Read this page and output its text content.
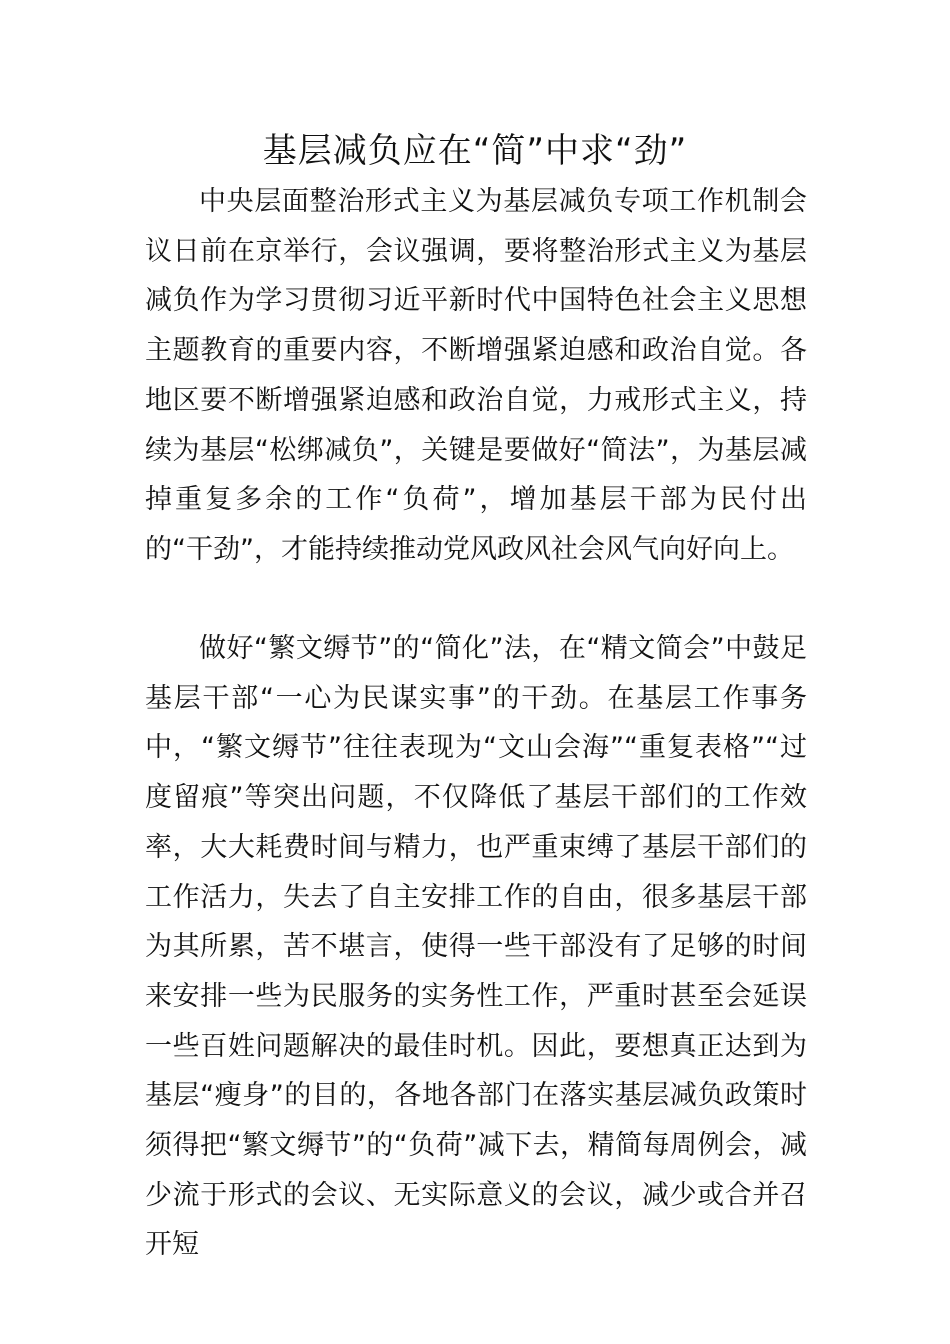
基层减负应在“简”中求“劲”

中央层面整治形式主义为基层减负专项工作机制会议日前在京举行，会议强调，要将整治形式主义为基层减负作为学习贯彻习近平新时代中国特色社会主义思想主题教育的重要内容，不断增强紧迫感和政治自觉。各地区要不断增强紧迫感和政治自觉，力戒形式主义，持续为基层“松绑减负”，关键是要做好“简法”，为基层减掉重复多余的工作“负荷”，增加基层干部为民付出的“干劲”，才能持续推动党风政风社会风气向好向上。

做好“繁文缛节”的“简化”法，在“精文简会”中鼓足基层干部“一心为民谋实事”的干劲。在基层工作事务中，“繁文缛节”往往表现为“文山会海”“重复表格”“过度留痕”等突出问题，不仅降低了基层干部们的工作效率，大大耗费时间与精力，也严重束缚了基层干部们的工作活力，失去了自主安排工作的自由，很多基层干部为其所累，苦不堪言，使得一些干部没有了足够的时间来安排一些为民服务的实务性工作，严重时甚至会延误一些百姓问题解决的最佳时机。因此，要想真正达到为基层“瘦身”的目的，各地各部门在落实基层减负政策时须得把“繁文缛节”的“负荷”减下去，精简每周例会，减少流于形式的会议、无实际意义的会议，减少或合并召开短
